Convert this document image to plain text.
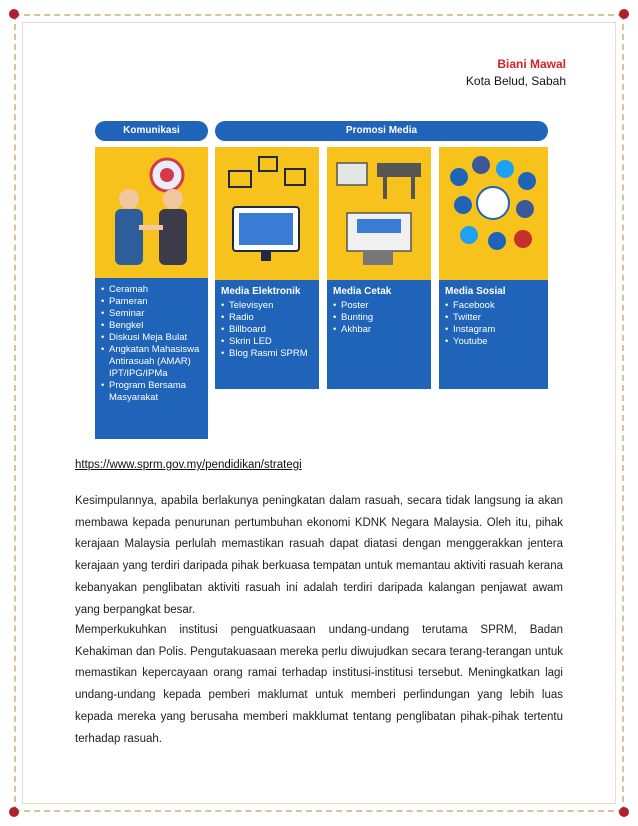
Biani Mawal
Kota Belud, Sabah
Komunikasi	Promosi Media
• Ceramah
• Pameran
• Seminar
• Bengkel
• Diskusi Meja Bulat
• Angkatan Mahasiswa Antirasuah (AMAR) IPT/IPG/IPMa
• Program Bersama Masyarakat
Media Elektronik
• Televisyen
• Radio
• Billboard
• Skrin LED
• Blog Rasmi SPRM
Media Cetak
• Poster
• Bunting
• Akhbar
Media Sosial
• Facebook
• Twitter
• Instagram
• Youtube
https://www.sprm.gov.my/pendidikan/strategi
Kesimpulannya, apabila berlakunya peningkatan dalam rasuah, secara tidak langsung ia akan membawa kepada penurunan pertumbuhan ekonomi KDNK Negara Malaysia. Oleh itu, pihak kerajaan Malaysia perlulah memastikan rasuah dapat diatasi dengan menggerakkan jentera kerajaan yang terdiri daripada pihak berkuasa tempatan untuk memantau aktiviti rasuah kerana kebanyakan penglibatan aktiviti rasuah ini adalah terdiri daripada kalangan penjawat awam yang berpangkat besar.
Memperkukuhkan institusi penguatkuasaan undang-undang terutama SPRM, Badan Kehakiman dan Polis. Pengutakuasaan mereka perlu diwujudkan secara terang-terangan untuk memastikan kepercayaan orang ramai terhadap institusi-institusi tersebut. Meningkatkan lagi undang-undang kepada pemberi maklumat untuk memberi perlindungan yang lebih luas kepada mereka yang berusaha memberi makklumat tentang penglibatan pihak-pihak tertentu terhadap rasuah.
